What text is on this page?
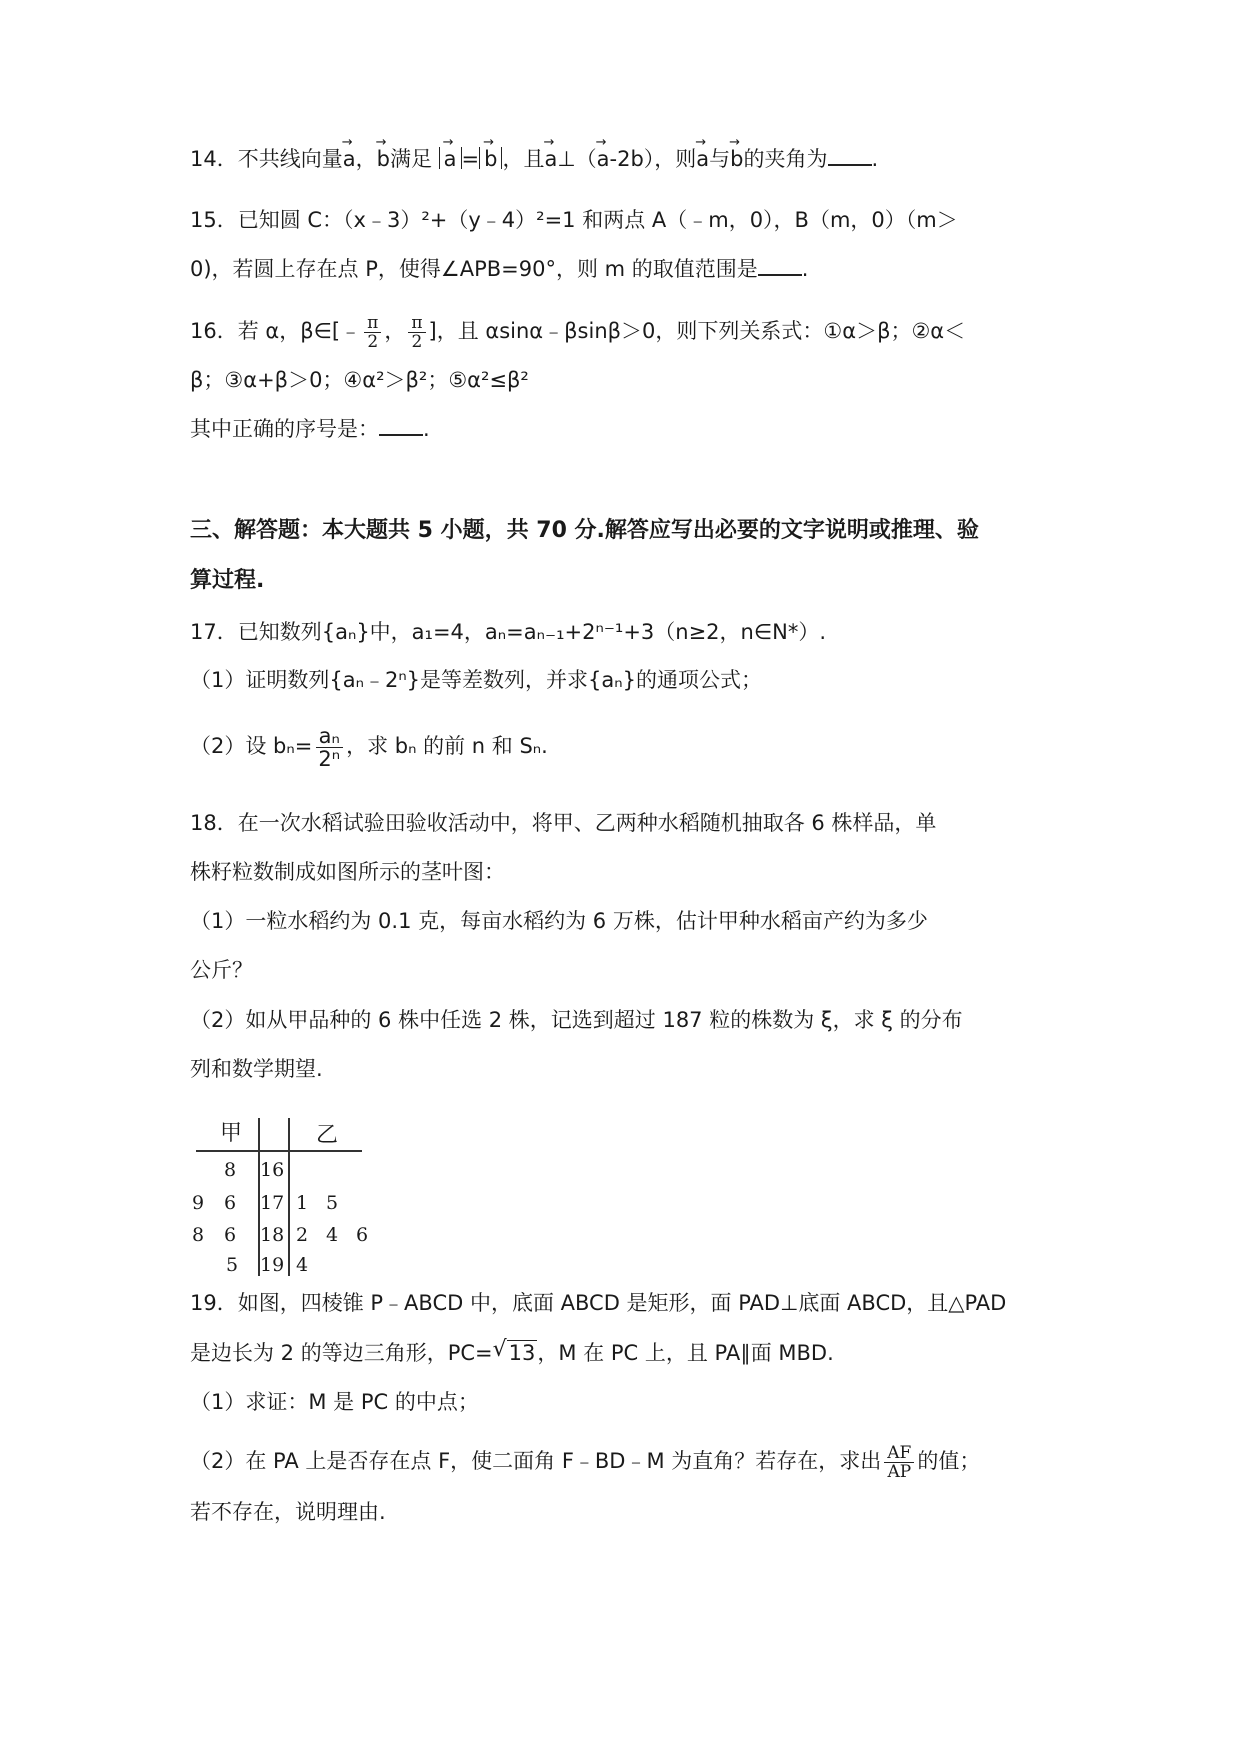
14．不共线向量→ a，→ b满足 → a = → b ，且→ a⊥（→ a-2b），则→ a与→ b的夹角为 .
15．已知圆 C：（x﹣3）²+（y﹣4）²=1 和两点 A（﹣m，0），B（m，0）（m＞
0)，若圆上存在点 P，使得∠APB=90°，则 m 的取值范围是 .
16．若 α，β∈[﹣ $\frac{\pi}{2}$ ， $\frac{\pi}{2}$ ]，且 αsinα﹣βsinβ＞0，则下列关系式：①α＞β；②α＜
β；③α+β＞0；④α²＞β²；⑤α²≤β²
其中正确的序号是： .
三、解答题：本大题共 5 小题，共 70 分.解答应写出必要的文字说明或推理、验
算过程.
17．已知数列{aₙ}中，a₁=4，aₙ=aₙ₋₁+2ⁿ⁻¹+3（n≥2，n∈N*）.
（1）证明数列{aₙ﹣2ⁿ}是等差数列，并求{aₙ}的通项公式；
（2）设 $b_n= \frac{\text{aₙ}}{\text{2ⁿ}}$ ，求 bₙ 的前 n 和 Sₙ.
18．在一次水稻试验田验收活动中，将甲、乙两种水稻随机抽取各 6 株样品，单
株籽粒数制成如图所示的茎叶图：
（1）一粒水稻约为 0.1 克，每亩水稻约为 6 万株，估计甲种水稻亩产约为多少
公斤？
（2）如从甲品种的 6 株中任选 2 株，记选到超过 187 粒的株数为 ξ，求 ξ 的分布
列和数学期望.
甲	乙
8 16
9 6 17 1 5
8 6 18 2 4 6
5 19 4
19．如图，四棱锥 P﹣ABCD 中，底面 ABCD 是矩形，面 PAD⊥底面 ABCD，且△PAD
是边长为 2 的等边三角形，PC= √ 13，M 在 PC 上，且 PA∥面 MBD.
（1）求证：M 是 PC 的中点；
（2）在 PA 上是否存在点 F，使二面角 F﹣BD﹣M 为直角？若存在，求出 $\frac{AF}{AP}$ 的值；
若不存在，说明理由.
